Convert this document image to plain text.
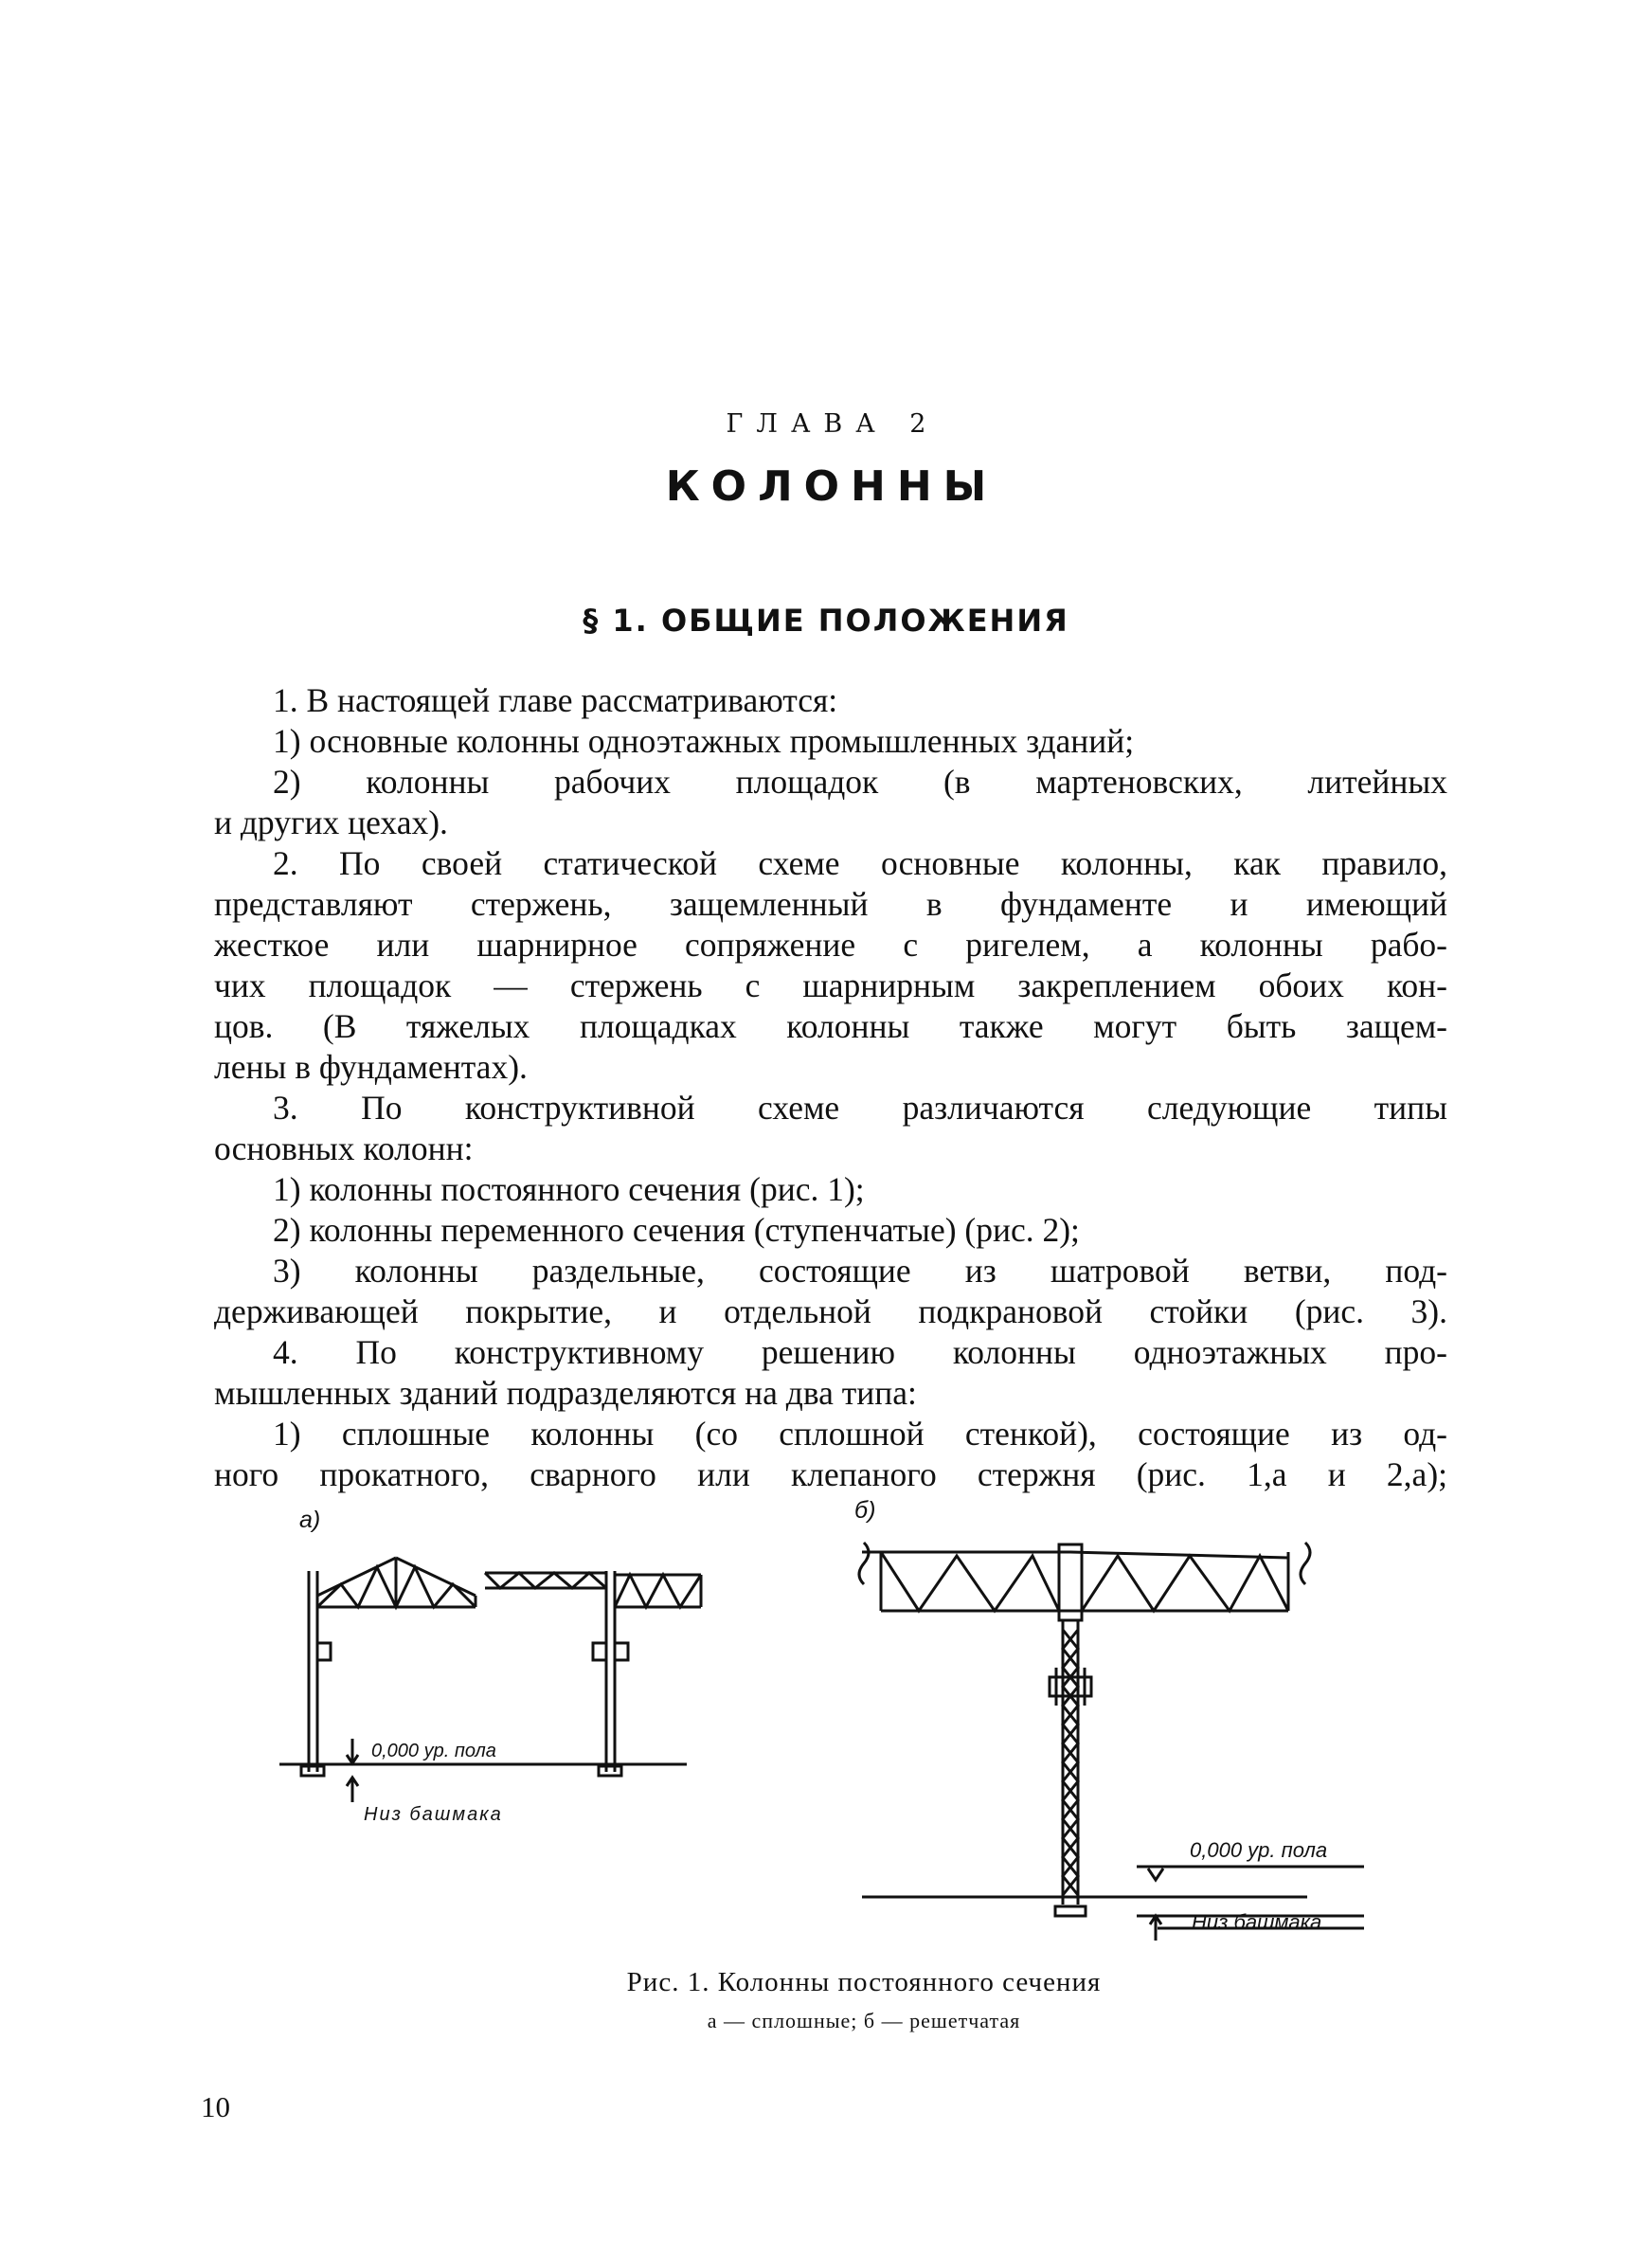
ГЛАВА 2
КОЛОННЫ
§ 1. ОБЩИЕ ПОЛОЖЕНИЯ
1. В настоящей главе рассматриваются:
1) основные колонны одноэтажных промышленных зданий;
2) колонны рабочих площадок (в мартеновских, литейных
и других цехах).
2. По своей статической схеме основные колонны, как правило,
представляют стержень, защемленный в фундаменте и имеющий
жесткое или шарнирное сопряжение с ригелем, а колонны рабо-
чих площадок — стержень с шарнирным закреплением обоих кон-
цов. (В тяжелых площадках колонны также могут быть защем-
лены в фундаментах).
3. По конструктивной схеме различаются следующие типы
основных колонн:
1) колонны постоянного сечения (рис. 1);
2) колонны переменного сечения (ступенчатые) (рис. 2);
3) колонны раздельные, состоящие из шатровой ветви, под-
держивающей покрытие, и отдельной подкрановой стойки (рис. 3).
4. По конструктивному решению колонны одноэтажных про-
мышленных зданий подразделяются на два типа:
1) сплошные колонны (со сплошной стенкой), состоящие из од-
ного прокатного, сварного или клепаного стержня (рис. 1,а и 2,а);
а)
0,000 ур. пола
Низ башмака
б)
0,000 ур. пола
Низ башмака
Рис. 1. Колонны постоянного сечения
а — сплошные; б — решетчатая
10
